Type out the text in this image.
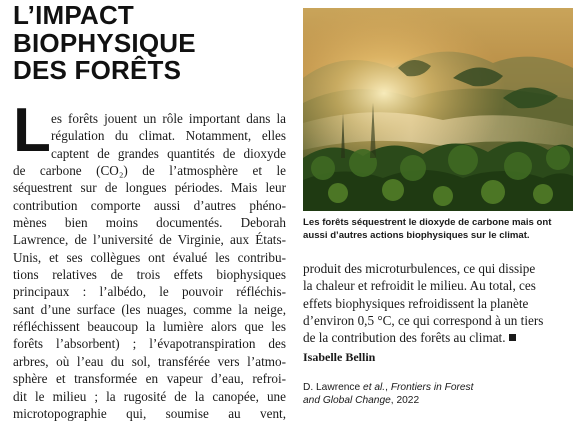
L’IMPACT
BIOPHYSIQUE
DES FORÊTS
L es forêts jouent un rôle important dans la
régulation du climat. Notamment, elles
captent de grandes quantités de dioxyde
de carbone (CO₂) de l’atmosphère et le
séquestrent sur de longues périodes. Mais leur
contribution comporte aussi d’autres phéno-
mènes bien moins documentés. Deborah
Lawrence, de l’université de Virginie, aux États-
Unis, et ses collègues ont évalué les contribu-
tions relatives de trois effets biophysiques
principaux : l’albédo, le pouvoir réfléchis-
sant d’une surface (les nuages, comme la neige,
réfléchissent beaucoup la lumière alors que les
forêts l’absorbent) ; l’évapotranspiration des
arbres, où l’eau du sol, transférée vers l’atmo-
sphère et transformée en vapeur d’eau, refroi-
dit le milieu ; la rugosité de la canopée, une
microtopographie qui, soumise au vent,
Les forêts séquestrent le dioxyde de carbone mais ont
aussi d’autres actions biophysiques sur le climat.
produit des microturbulences, ce qui dissipe
la chaleur et refroidit le milieu. Au total, ces
effets biophysiques refroidissent la planète
d’environ 0,5 °C, ce qui correspond à un tiers
de la contribution des forêts au climat.
Isabelle Bellin
D. Lawrence et al., Frontiers in Forest
and Global Change, 2022
